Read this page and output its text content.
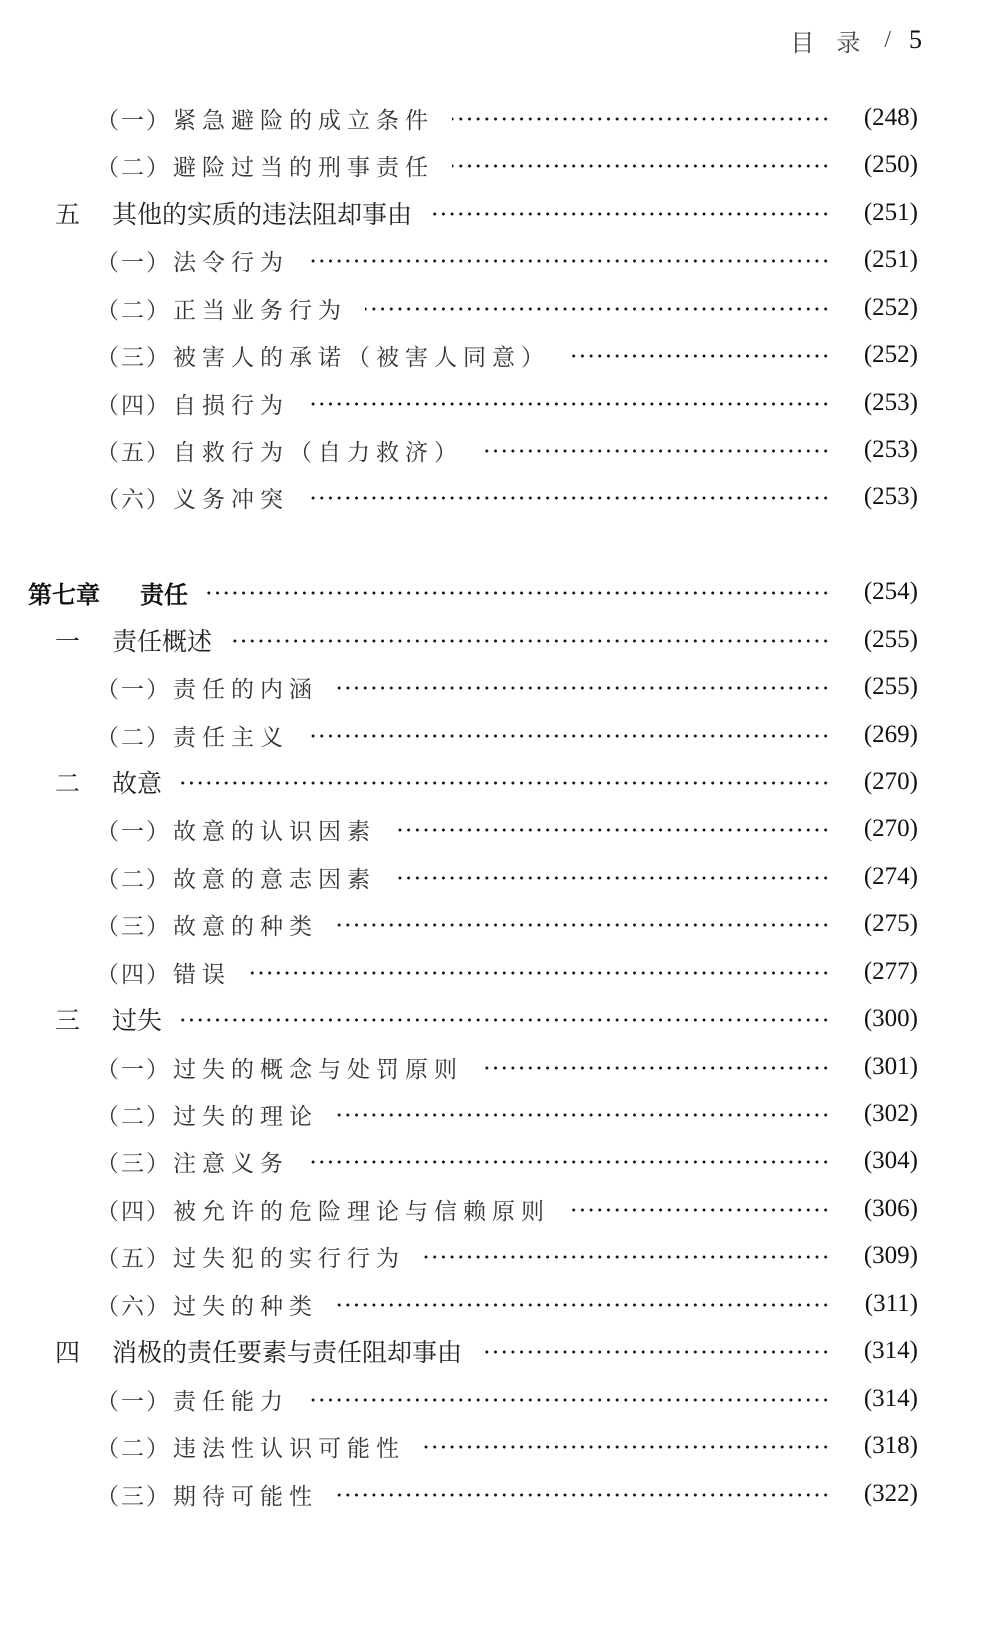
目录 / 5
（一） 紧急避险的成立条件	(248)
（二） 避险过当的刑事责任	(250)
五	其他的实质的违法阻却事由	(251)
（一） 法令行为	(251)
（二） 正当业务行为	(252)
（三） 被害人的承诺（被害人同意）	(252)
（四） 自损行为	(253)
（五） 自救行为（自力救济）	(253)
（六） 义务冲突	(253)
第七章	责任	(254)
一	责任概述	(255)
（一） 责任的内涵	(255)
（二） 责任主义	(269)
二	故意	(270)
（一） 故意的认识因素	(270)
（二） 故意的意志因素	(274)
（三） 故意的种类	(275)
（四） 错误	(277)
三	过失	(300)
（一） 过失的概念与处罚原则	(301)
（二） 过失的理论	(302)
（三） 注意义务	(304)
（四） 被允许的危险理论与信赖原则	(306)
（五） 过失犯的实行行为	(309)
（六） 过失的种类	(311)
四	消极的责任要素与责任阻却事由	(314)
（一） 责任能力	(314)
（二） 违法性认识可能性	(318)
（三） 期待可能性	(322)
